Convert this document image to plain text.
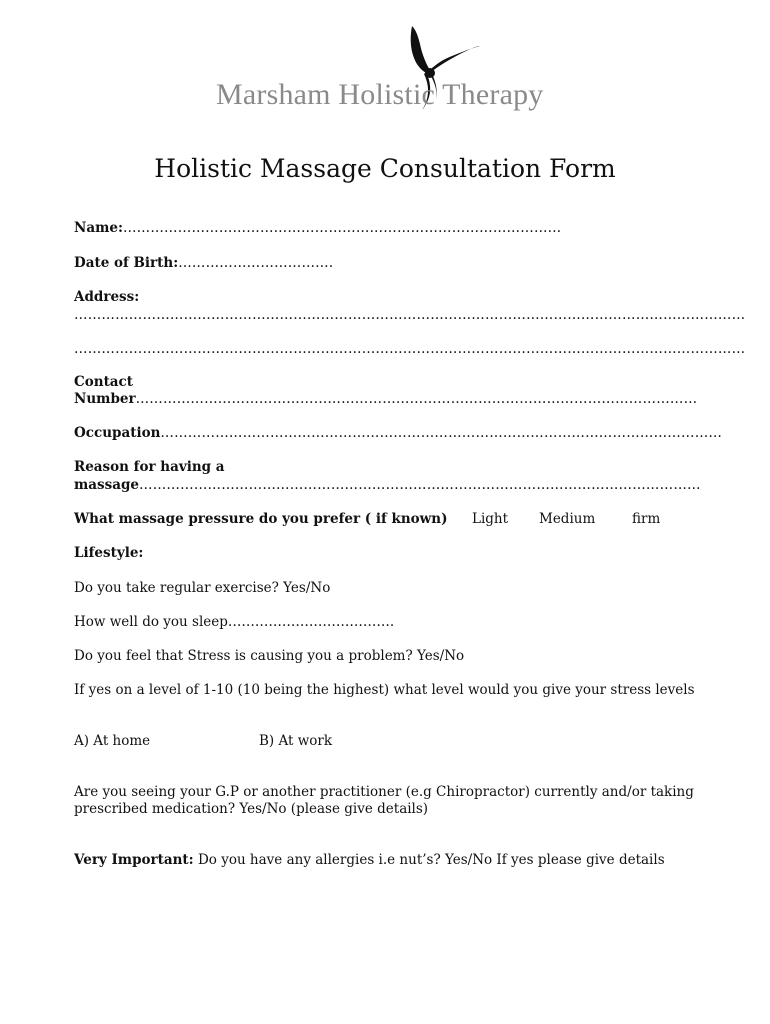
Marsham Holistic Therapy
Holistic Massage Consultation Form
Name:……………………………………………………………………………………
Date of Birth:…………………………….
Address:
…………………………………………………………………………………………………………………………………
…………………………………………………………………………………………………………………………………
Contact
Number……………………………………………………………………………………………………………
Occupation……………………………………………………………………………………………………………
Reason for having a
massage……………………………………………………………………………………………………………
What massage pressure do you prefer ( if known) Light Medium	firm
Lifestyle:
Do you take regular exercise? Yes/No
How well do you sleep……………………………….
Do you feel that Stress is causing you a problem? Yes/No
If yes on a level of 1-10 (10 being the highest) what level would you give your stress levels
A) At home	B) At work
Are you seeing your G.P or another practitioner (e.g Chiropractor) currently and/or taking prescribed medication? Yes/No (please give details)
Very Important: Do you have any allergies i.e nut’s? Yes/No If yes please give details
